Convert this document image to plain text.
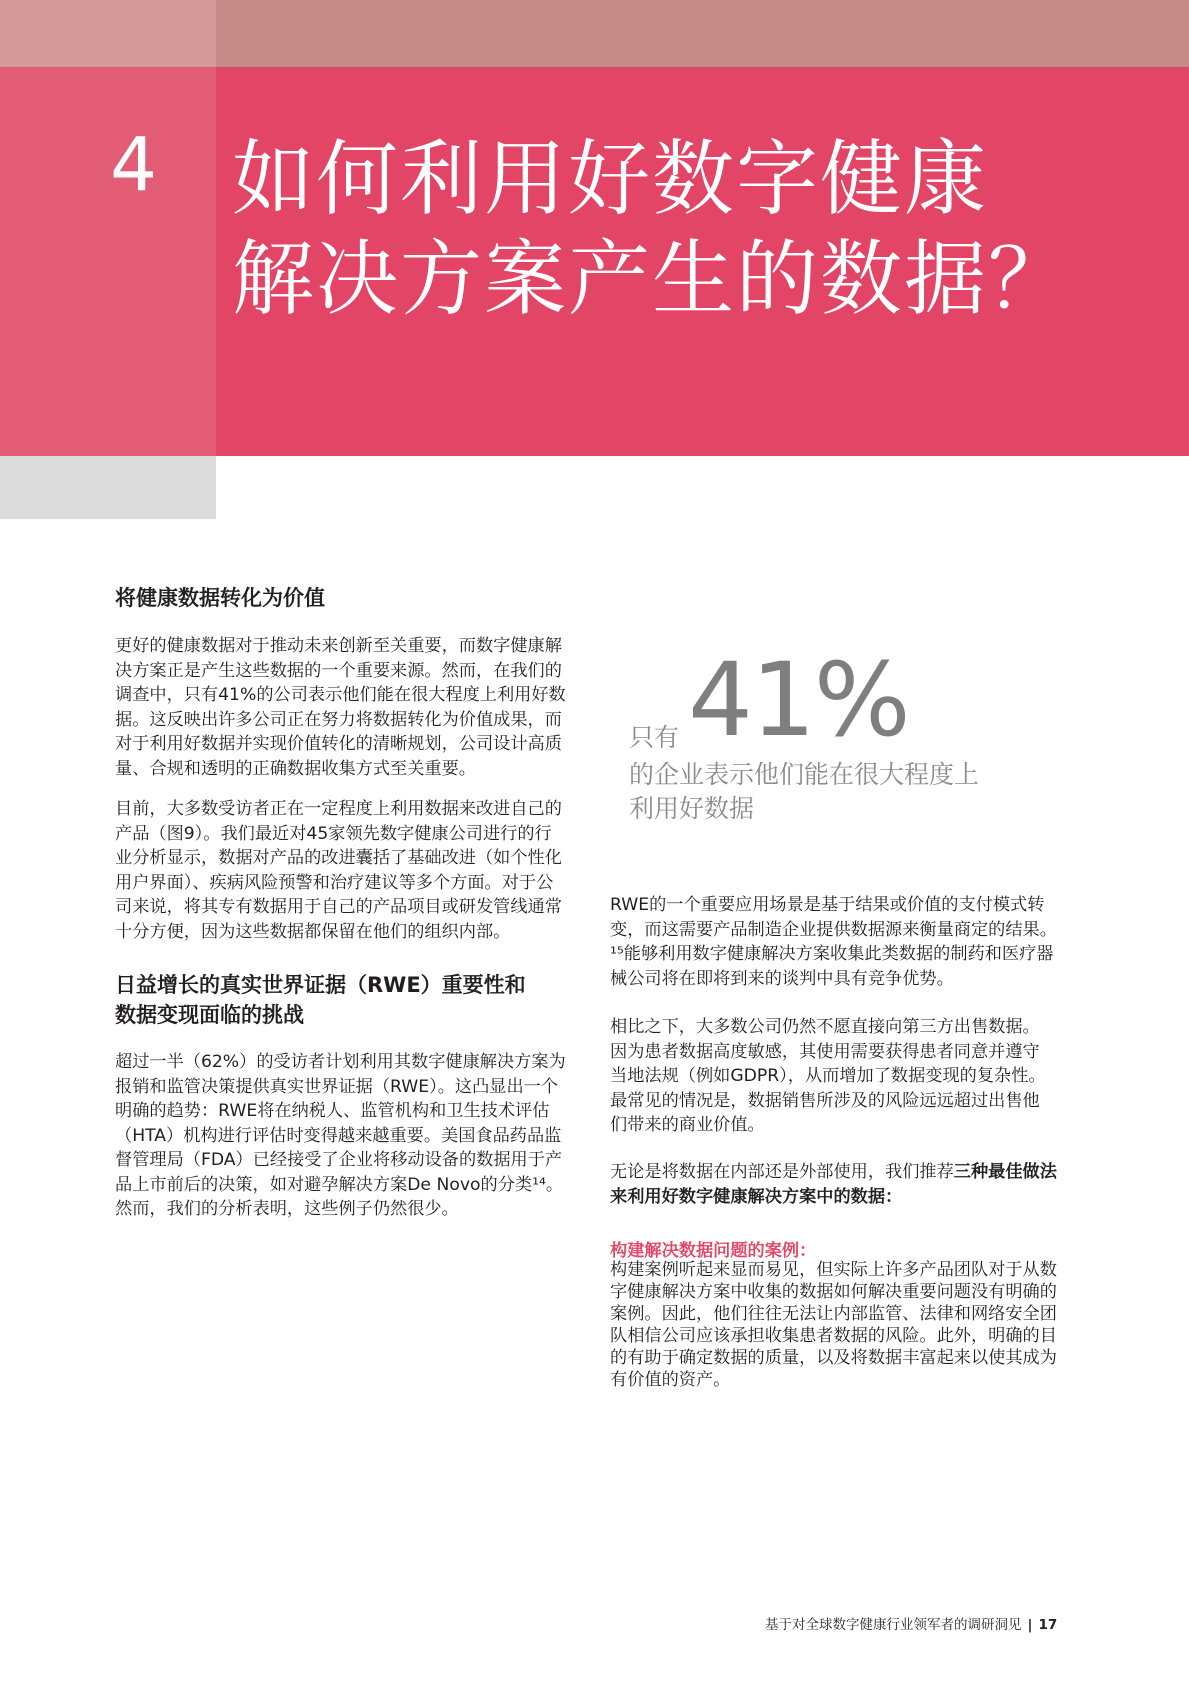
4 如何利用好数字健康
解决方案产生的数据？
将健康数据转化为价值
更好的健康数据对于推动未来创新至关重要，而数字健康解
决方案正是产生这些数据的一个重要来源。然而，在我们的
调查中，只有41%的公司表示他们能在很大程度上利用好数
据。这反映出许多公司正在努力将数据转化为价值成果，而
对于利用好数据并实现价值转化的清晰规划，公司设计高质
量、合规和透明的正确数据收集方式至关重要。
目前，大多数受访者正在一定程度上利用数据来改进自己的
产品（图9）。我们最近对45家领先数字健康公司进行的行
业分析显示，数据对产品的改进囊括了基础改进（如个性化
用户界面）、疾病风险预警和治疗建议等多个方面。对于公
司来说，将其专有数据用于自己的产品项目或研发管线通常
十分方便，因为这些数据都保留在他们的组织内部。
日益增长的真实世界证据（RWE）重要性和
数据变现面临的挑战
超过一半（62%）的受访者计划利用其数字健康解决方案为
报销和监管决策提供真实世界证据（RWE）。这凸显出一个
明确的趋势：RWE将在纳税人、监管机构和卫生技术评估
（HTA）机构进行评估时变得越来越重要。美国食品药品监
督管理局（FDA）已经接受了企业将移动设备的数据用于产
品上市前后的决策，如对避孕解决方案De Novo的分类¹⁴。
然而，我们的分析表明，这些例子仍然很少。
只有 41%
的企业表示他们能在很大程度上
利用好数据
RWE的一个重要应用场景是基于结果或价值的支付模式转
变，而这需要产品制造企业提供数据源来衡量商定的结果。
¹⁵能够利用数字健康解决方案收集此类数据的制药和医疗器
械公司将在即将到来的谈判中具有竞争优势。
相比之下，大多数公司仍然不愿直接向第三方出售数据。
因为患者数据高度敏感，其使用需要获得患者同意并遵守
当地法规（例如GDPR），从而增加了数据变现的复杂性。
最常见的情况是，数据销售所涉及的风险远远超过出售他
们带来的商业价值。
无论是将数据在内部还是外部使用，我们推荐三种最佳做法
来利用好数字健康解决方案中的数据：
构建解决数据问题的案例：
构建案例听起来显而易见，但实际上许多产品团队对于从数
字健康解决方案中收集的数据如何解决重要问题没有明确的
案例。因此，他们往往无法让内部监管、法律和网络安全团
队相信公司应该承担收集患者数据的风险。此外，明确的目
的有助于确定数据的质量，以及将数据丰富起来以使其成为
有价值的资产。
基于对全球数字健康行业领军者的调研洞见 | 17
